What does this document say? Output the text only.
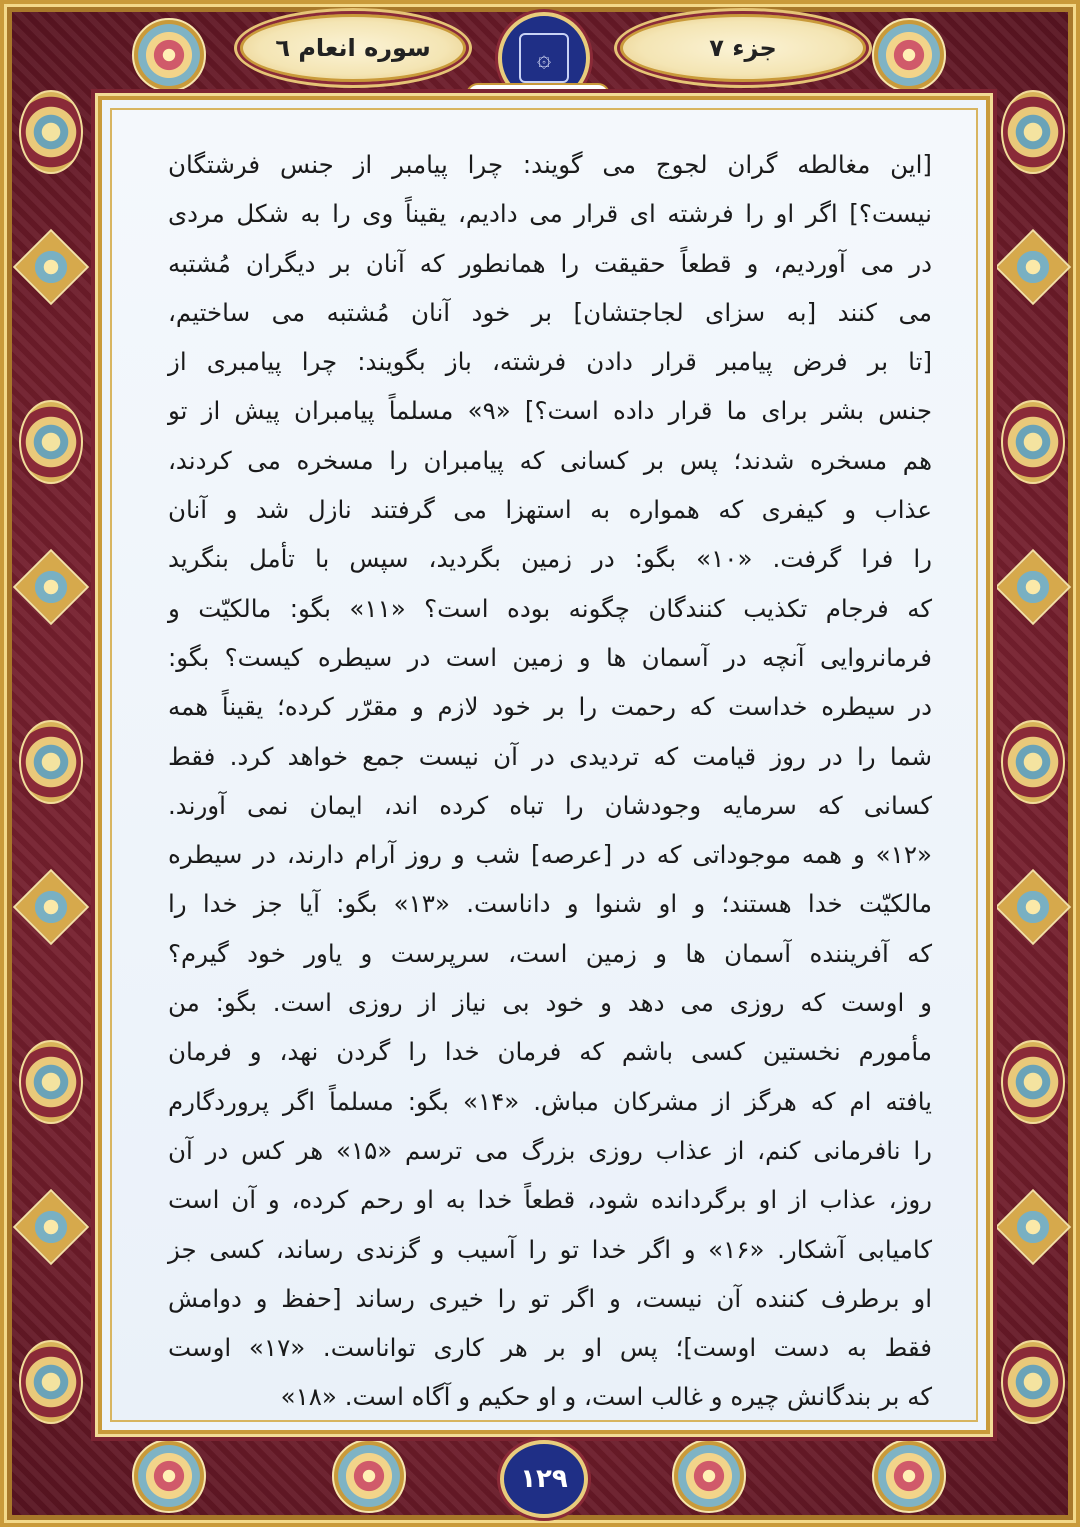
جزء ۷
سوره انعام ٦	۞

[این مغالطه گران لجوج می گویند: چرا پیامبر از جنس فرشتگان

نیست؟] اگر او را فرشته ای قرار می دادیم، یقیناً وی را به شکل مردی

در می آوردیم، و قطعاً حقیقت را همانطور که آنان بر دیگران مُشتبه

می کنند [به سزای لجاجتشان] بر خود آنان مُشتبه می ساختیم،

[تا بر فرض پیامبر قرار دادن فرشته، باز بگویند: چرا پیامبری از

جنس بشر برای ما قرار داده است؟] «۹» مسلماً پیامبران پیش از تو

هم مسخره شدند؛ پس بر کسانی که پیامبران را مسخره می کردند،

عذاب و کیفری که همواره به استهزا می گرفتند نازل شد و آنان

را فرا گرفت. «۱۰» بگو: در زمین بگردید، سپس با تأمل بنگرید

که فرجام تکذیب کنندگان چگونه بوده است؟ «۱۱» بگو: مالکیّت و

فرمانروایی آنچه در آسمان ها و زمین است در سیطره کیست؟ بگو:

در سیطره خداست که رحمت را بر خود لازم و مقرّر کرده؛ یقیناً همه

شما را در روز قیامت که تردیدی در آن نیست جمع خواهد کرد. فقط

کسانی که سرمایه وجودشان را تباه کرده اند، ایمان نمی آورند.

«۱۲» و همه موجوداتی که در [عرصه] شب و روز آرام دارند، در سیطره

مالکیّت خدا هستند؛ و او شنوا و داناست. «۱۳» بگو: آیا جز خدا را

که آفریننده آسمان ها و زمین است، سرپرست و یاور خود گیرم؟

و اوست که روزی می دهد و خود بی نیاز از روزی است. بگو: من

مأمورم نخستین کسی باشم که فرمان خدا را گردن نهد، و فرمان

یافته ام که هرگز از مشرکان مباش. «۱۴» بگو: مسلماً اگر پروردگارم

را نافرمانی کنم، از عذاب روزی بزرگ می ترسم «۱۵» هر کس در آن

روز، عذاب از او برگردانده شود، قطعاً خدا به او رحم کرده، و آن است

کامیابی آشکار. «۱۶» و اگر خدا تو را آسیب و گزندی رساند، کسی جز

او برطرف کننده آن نیست، و اگر تو را خیری رساند [حفظ و دوامش

فقط به دست اوست]؛ پس او بر هر کاری تواناست. «۱۷» اوست

که بر بندگانش چیره و غالب است، و او حکیم و آگاه است. «۱۸»

۱۲۹
